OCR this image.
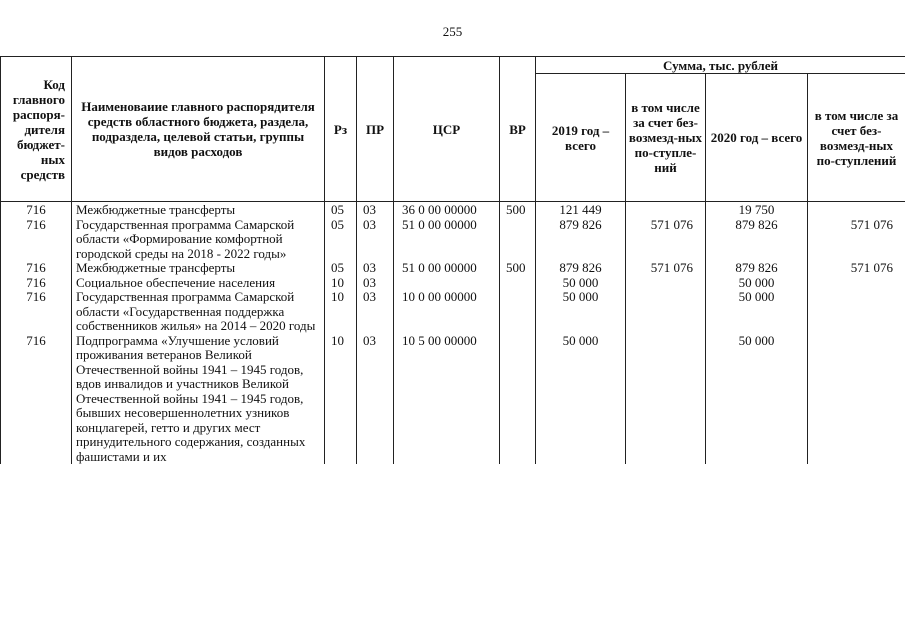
255
Код главного распоря-дителя бюджет-ных средств	Наименоваиие главного распорядителя средств областного бюджета, раздела, подраздела, целевой статьи, группы видов расходов	Рз	ПР	ЦСР	ВР	Сумма, тыс. рублей			
						2019 год – всего	в том числе за счет без-возмезд-ных по-ступле-ний	2020 год – всего	в том числе за счет без-возмезд-ных по-ступлений
716	Межбюджетные трансферты	05	03	36 0 00 00000	500	121 449		19 750	
716	Государственная программа Самарской области «Формирование комфортной городской среды на 2018 - 2022 годы»	05	03	51 0 00 00000		879 826	571 076	879 826	571 076
716	Межбюджетные трансферты	05	03	51 0 00 00000	500	879 826	571 076	879 826	571 076
716	Социальное обеспечение населения	10	03			50 000		50 000	
716	Государственная программа Самарской области «Государственная поддержка собственников жилья» на 2014 – 2020 годы	10	03	10 0 00 00000		50 000		50 000	
716	Подпрограмма «Улучшение условий проживания ветеранов Великой Отечественной войны 1941 – 1945 годов, вдов инвалидов и участников Великой Отечественной войны 1941 – 1945 годов, бывших несовершеннолетних узников концлагерей, гетто и других мест принудительного содержания, созданных фашистами и их	10	03	10 5 00 00000		50 000		50 000	
